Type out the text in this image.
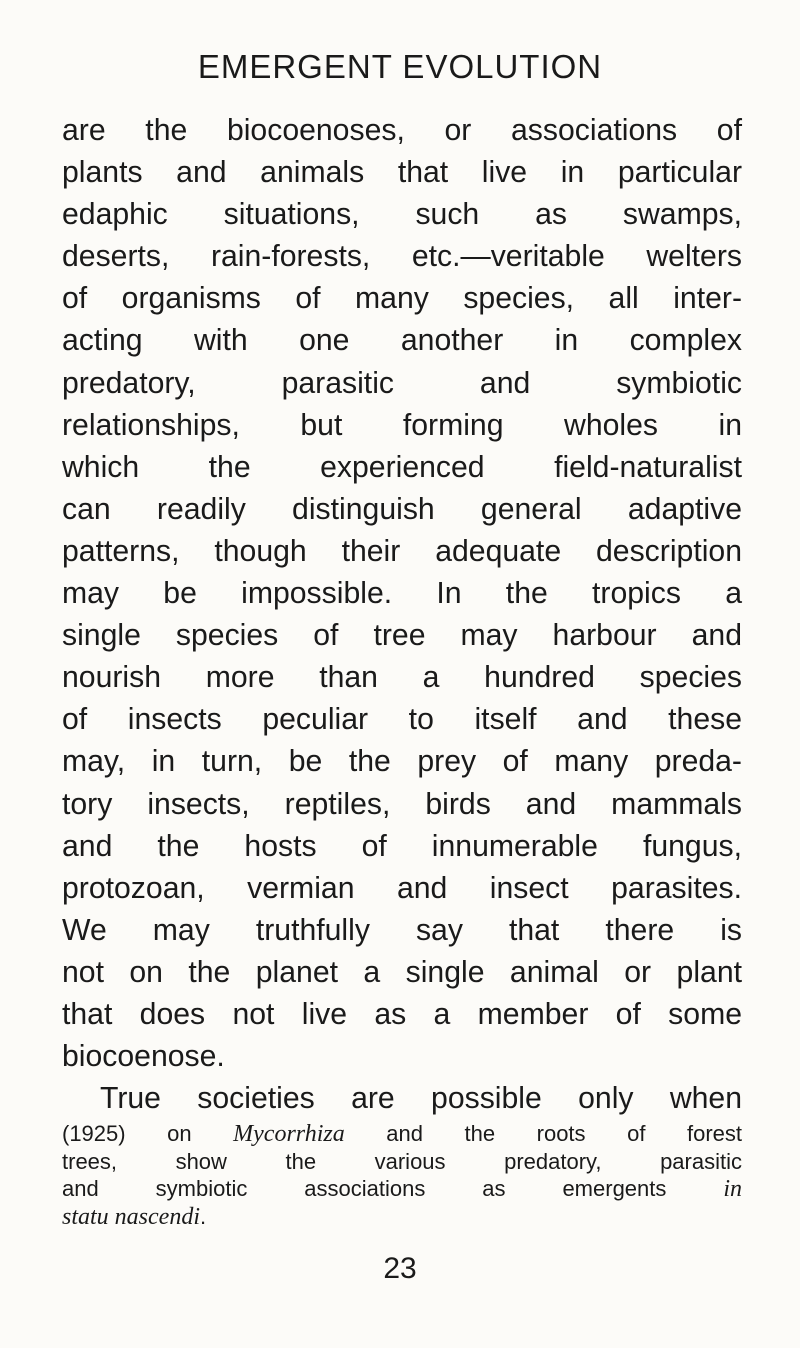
EMERGENT EVOLUTION
are the biocoenoses, or associations of
plants and animals that live in particular
edaphic situations, such as swamps,
deserts, rain-forests, etc.—veritable welters
of organisms of many species, all inter-
acting with one another in complex
predatory, parasitic and symbiotic
relationships, but forming wholes in
which the experienced field-naturalist
can readily distinguish general adaptive
patterns, though their adequate description
may be impossible. In the tropics a
single species of tree may harbour and
nourish more than a hundred species
of insects peculiar to itself and these
may, in turn, be the prey of many preda-
tory insects, reptiles, birds and mammals
and the hosts of innumerable fungus,
protozoan, vermian and insect parasites.
We may truthfully say that there is
not on the planet a single animal or plant
that does not live as a member of some
biocoenose.
True societies are possible only when
(1925) on Mycorrhiza and the roots of forest
trees, show the various predatory, parasitic
and symbiotic associations as emergents in
statu nascendi.
23
